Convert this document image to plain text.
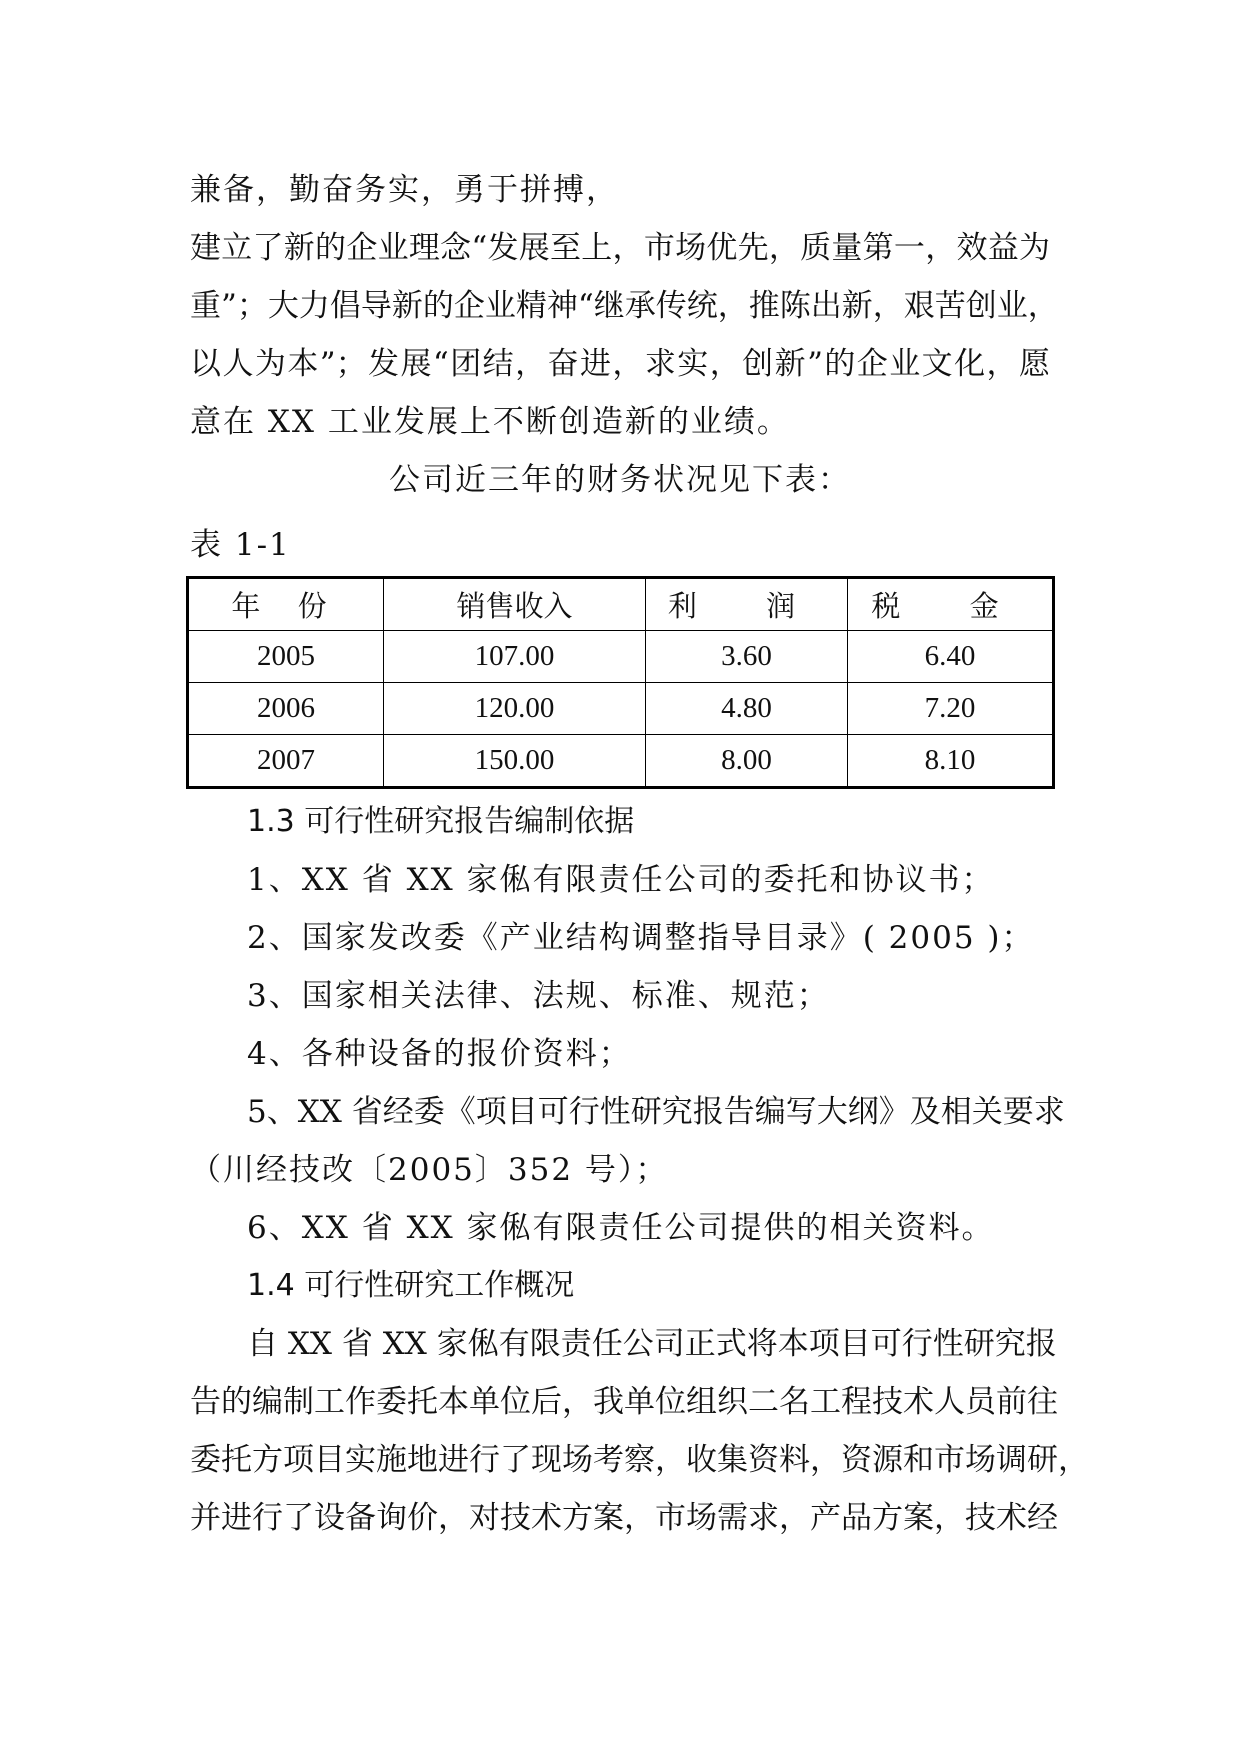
兼备，勤奋务实，勇于拼搏，
建立了新的企业理念“发展至上，市场优先，质量第一，效益为
重”；大力倡导新的企业精神“继承传统，推陈出新，艰苦创业，
以人为本”；发展“团结，奋进，求实，创新”的企业文化，愿
意在 XX 工业发展上不断创造新的业绩。
公司近三年的财务状况见下表：
表 1-1
年 份	销售收入	利 润	税 金
2005	107.00	3.60	6.40
2006	120.00	4.80	7.20
2007	150.00	8.00	8.10
1.3 可行性研究报告编制依据
1、XX 省 XX 家俬有限责任公司的委托和协议书；
2、国家发改委《产业结构调整指导目录》( 2005 )；
3、国家相关法律、法规、标准、规范；
4、各种设备的报价资料；
5、XX 省经委《项目可行性研究报告编写大纲》及相关要求
（川经技改〔2005〕352 号）；
6、XX 省 XX 家俬有限责任公司提供的相关资料。
1.4 可行性研究工作概况
自 XX 省 XX 家俬有限责任公司正式将本项目可行性研究报
告的编制工作委托本单位后，我单位组织二名工程技术人员前往
委托方项目实施地进行了现场考察，收集资料，资源和市场调研，
并进行了设备询价，对技术方案，市场需求，产品方案，技术经
